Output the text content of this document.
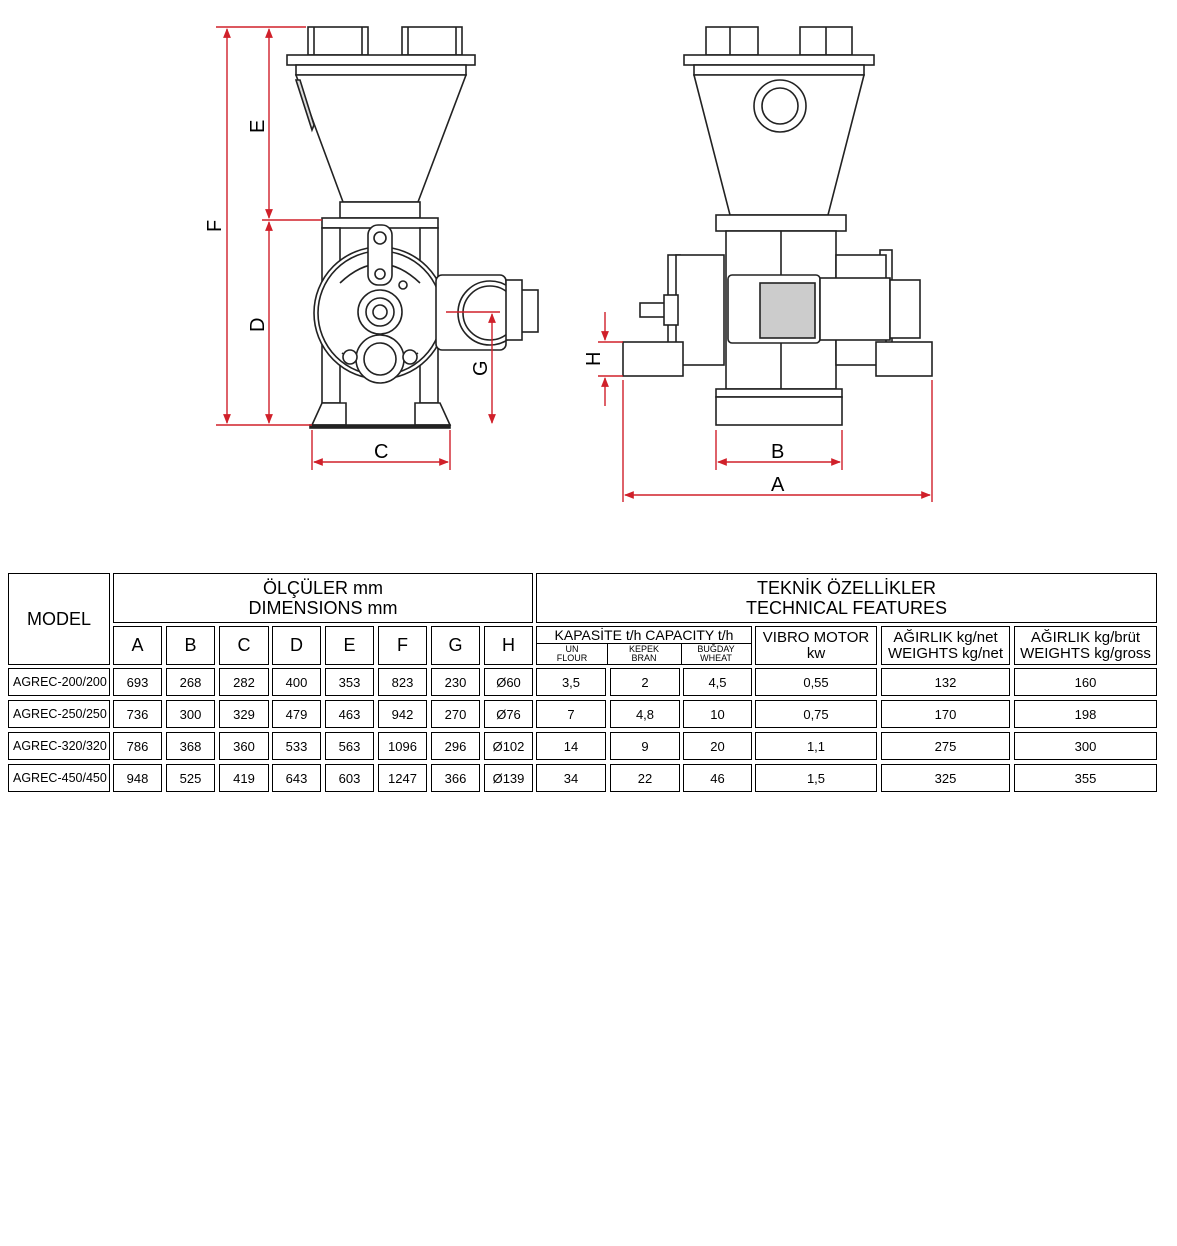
F
E
D
G
C
H
B
A
MODEL
ÖLÇÜLER mm
DIMENSIONS mm
TEKNİK ÖZELLİKLER
TECHNICAL FEATURES
A	B	C	D	E	F	G	H	KAPASİTE t/h CAPACITY t/h
UN
FLOUR
KEPEK
BRAN
BUĞDAY
WHEAT
VIBRO MOTOR
kw
AĞIRLIK kg/net
WEIGHTS kg/net
AĞIRLIK kg/brüt
WEIGHTS kg/gross
AGREC-200/200	693	268	282	400	353	823	230	Ø60	3,5	2	4,5	0,55	132	160
AGREC-250/250	736	300	329	479	463	942	270	Ø76	7	4,8	10	0,75	170	198
AGREC-320/320	786	368	360	533	563	1096	296	Ø102	14	9	20	1,1	275	300
AGREC-450/450	948	525	419	643	603	1247	366	Ø139	34	22	46	1,5	325	355
